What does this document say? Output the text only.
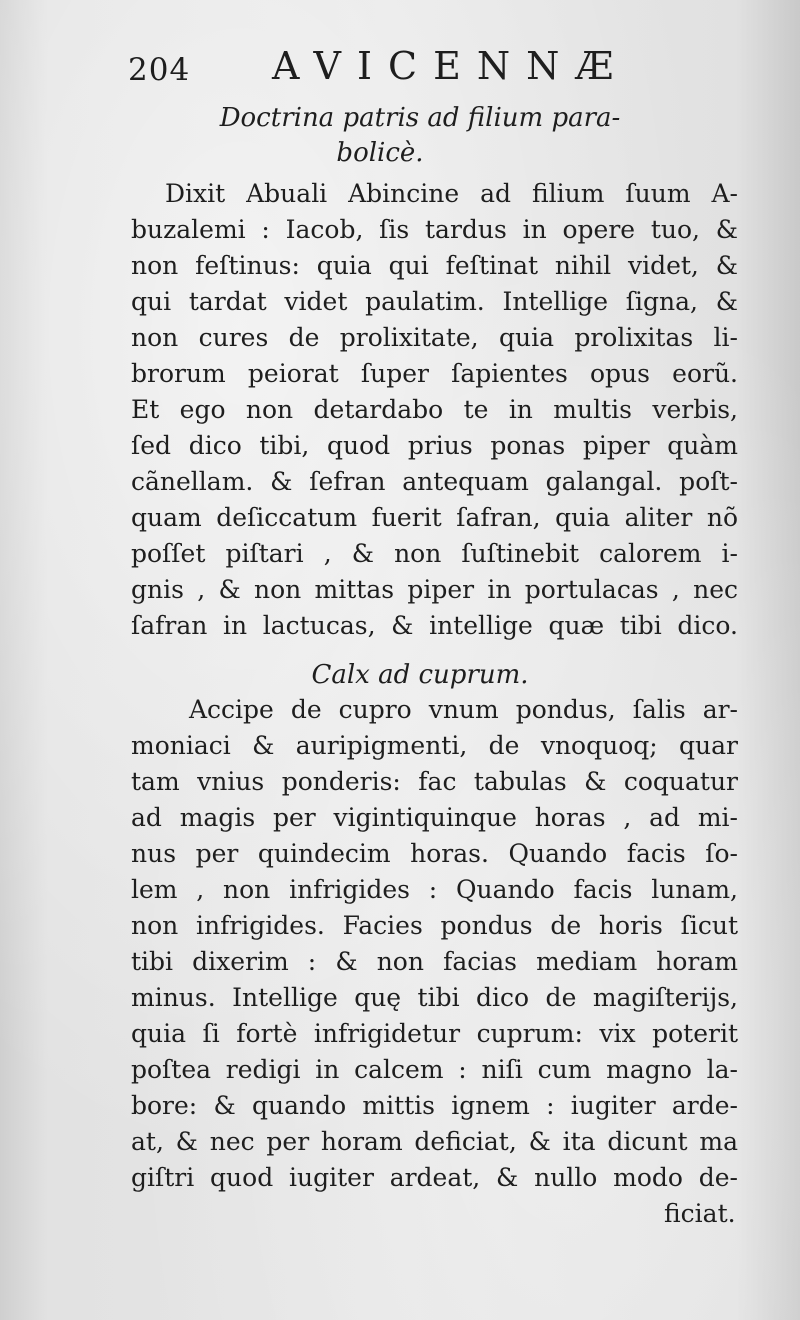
204 AVICENNÆ
Doctrina patris ad filium para-
bolicè.
Dixit Abuali Abincine ad filium ſuum A-
buzalemi : Iacob, ſis tardus in opere tuo, &
non feſtinus: quia qui feſtinat nihil videt, &
qui tardat videt paulatim. Intellige ſigna, &
non cures de prolixitate, quia prolixitas li-
brorum peiorat ſuper ſapientes opus eorũ.
Et ego non detardabo te in multis verbis,
ſed dico tibi, quod prius ponas piper quàm
cãnellam. & ſefran antequam galangal. poſt-
quam deſiccatum fuerit ſafran, quia aliter nõ
poſſet piſtari , & non ſuſtinebit calorem i-
gnis , & non mittas piper in portulacas , nec
ſafran in lactucas, & intellige quæ tibi dico.
Calx ad cuprum.
Accipe de cupro vnum pondus, ſalis ar-
moniaci & auripigmenti, de vnoquoq; quar
tam vnius ponderis: fac tabulas & coquatur
ad magis per vigintiquinque horas , ad mi-
nus per quindecim horas. Quando facis ſo-
lem , non infrigides : Quando facis lunam,
non infrigides. Facies pondus de horis ſicut
tibi dixerim : & non facias mediam horam
minus. Intellige quę tibi dico de magiſterijs,
quia ſi fortè infrigidetur cuprum: vix poterit
poſtea redigi in calcem : niſi cum magno la-
bore: & quando mittis ignem : iugiter arde-
at, & nec per horam deficiat, & ita dicunt ma
giſtri quod iugiter ardeat, & nullo modo de-
ficiat.
